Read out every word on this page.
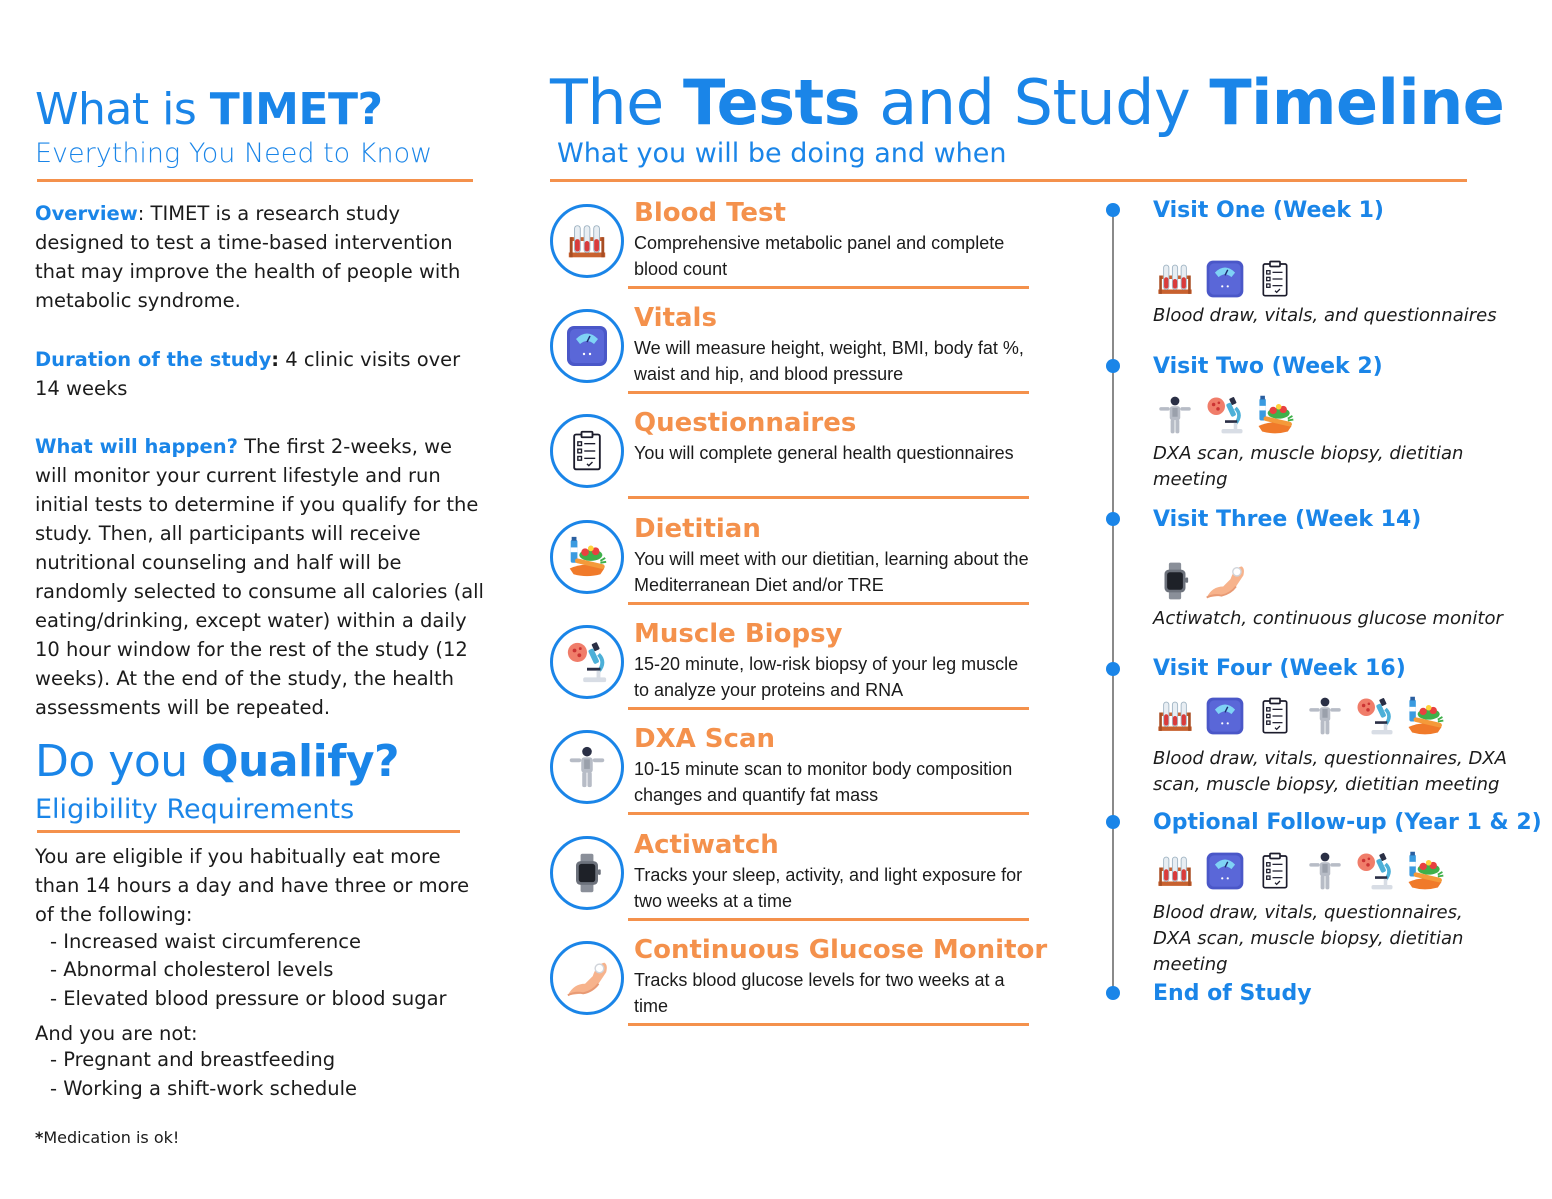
What is TIMET?
Everything You Need to Know
Overview: TIMET is a research study designed to test a time-based intervention that may improve the health of people with metabolic syndrome.
Duration of the study: 4 clinic visits over 14 weeks
What will happen? The first 2-weeks, we will monitor your current lifestyle and run initial tests to determine if you qualify for the study. Then, all participants will receive nutritional counseling and half will be randomly selected to consume all calories (all eating/drinking, except water) within a daily 10 hour window for the rest of the study (12 weeks). At the end of the study, the health assessments will be repeated.
Do you Qualify?
Eligibility Requirements
You are eligible if you habitually eat more than 14 hours a day and have three or more of the following:
- Increased waist circumference
- Abnormal cholesterol levels
- Elevated blood pressure or blood sugar
And you are not:
- Pregnant and breastfeeding
- Working a shift-work schedule
*Medication is ok!
The Tests and Study Timeline
What you will be doing and when
Blood Test
Comprehensive metabolic panel and complete blood count
Vitals
We will measure height, weight, BMI, body fat %, waist and hip, and blood pressure
Questionnaires
You will complete general health questionnaires
Dietitian
You will meet with our dietitian, learning about the Mediterranean Diet and/or TRE
Muscle Biopsy
15-20 minute, low-risk biopsy of your leg muscle to analyze your proteins and RNA
DXA Scan
10-15 minute scan to monitor body composition changes and quantify fat mass
Actiwatch
Tracks your sleep, activity, and light exposure for two weeks at a time
Continuous Glucose Monitor
Tracks blood glucose levels for two weeks at a time
Visit One (Week 1)
Blood draw, vitals, and questionnaires
Visit Two (Week 2)
DXA scan, muscle biopsy, dietitian meeting
Visit Three (Week 14)
Actiwatch, continuous glucose monitor
Visit Four (Week 16)
Blood draw, vitals, questionnaires, DXA scan, muscle biopsy, dietitian meeting
Optional Follow-up (Year 1 & 2)
Blood draw, vitals, questionnaires, DXA scan, muscle biopsy, dietitian meeting
End of Study
